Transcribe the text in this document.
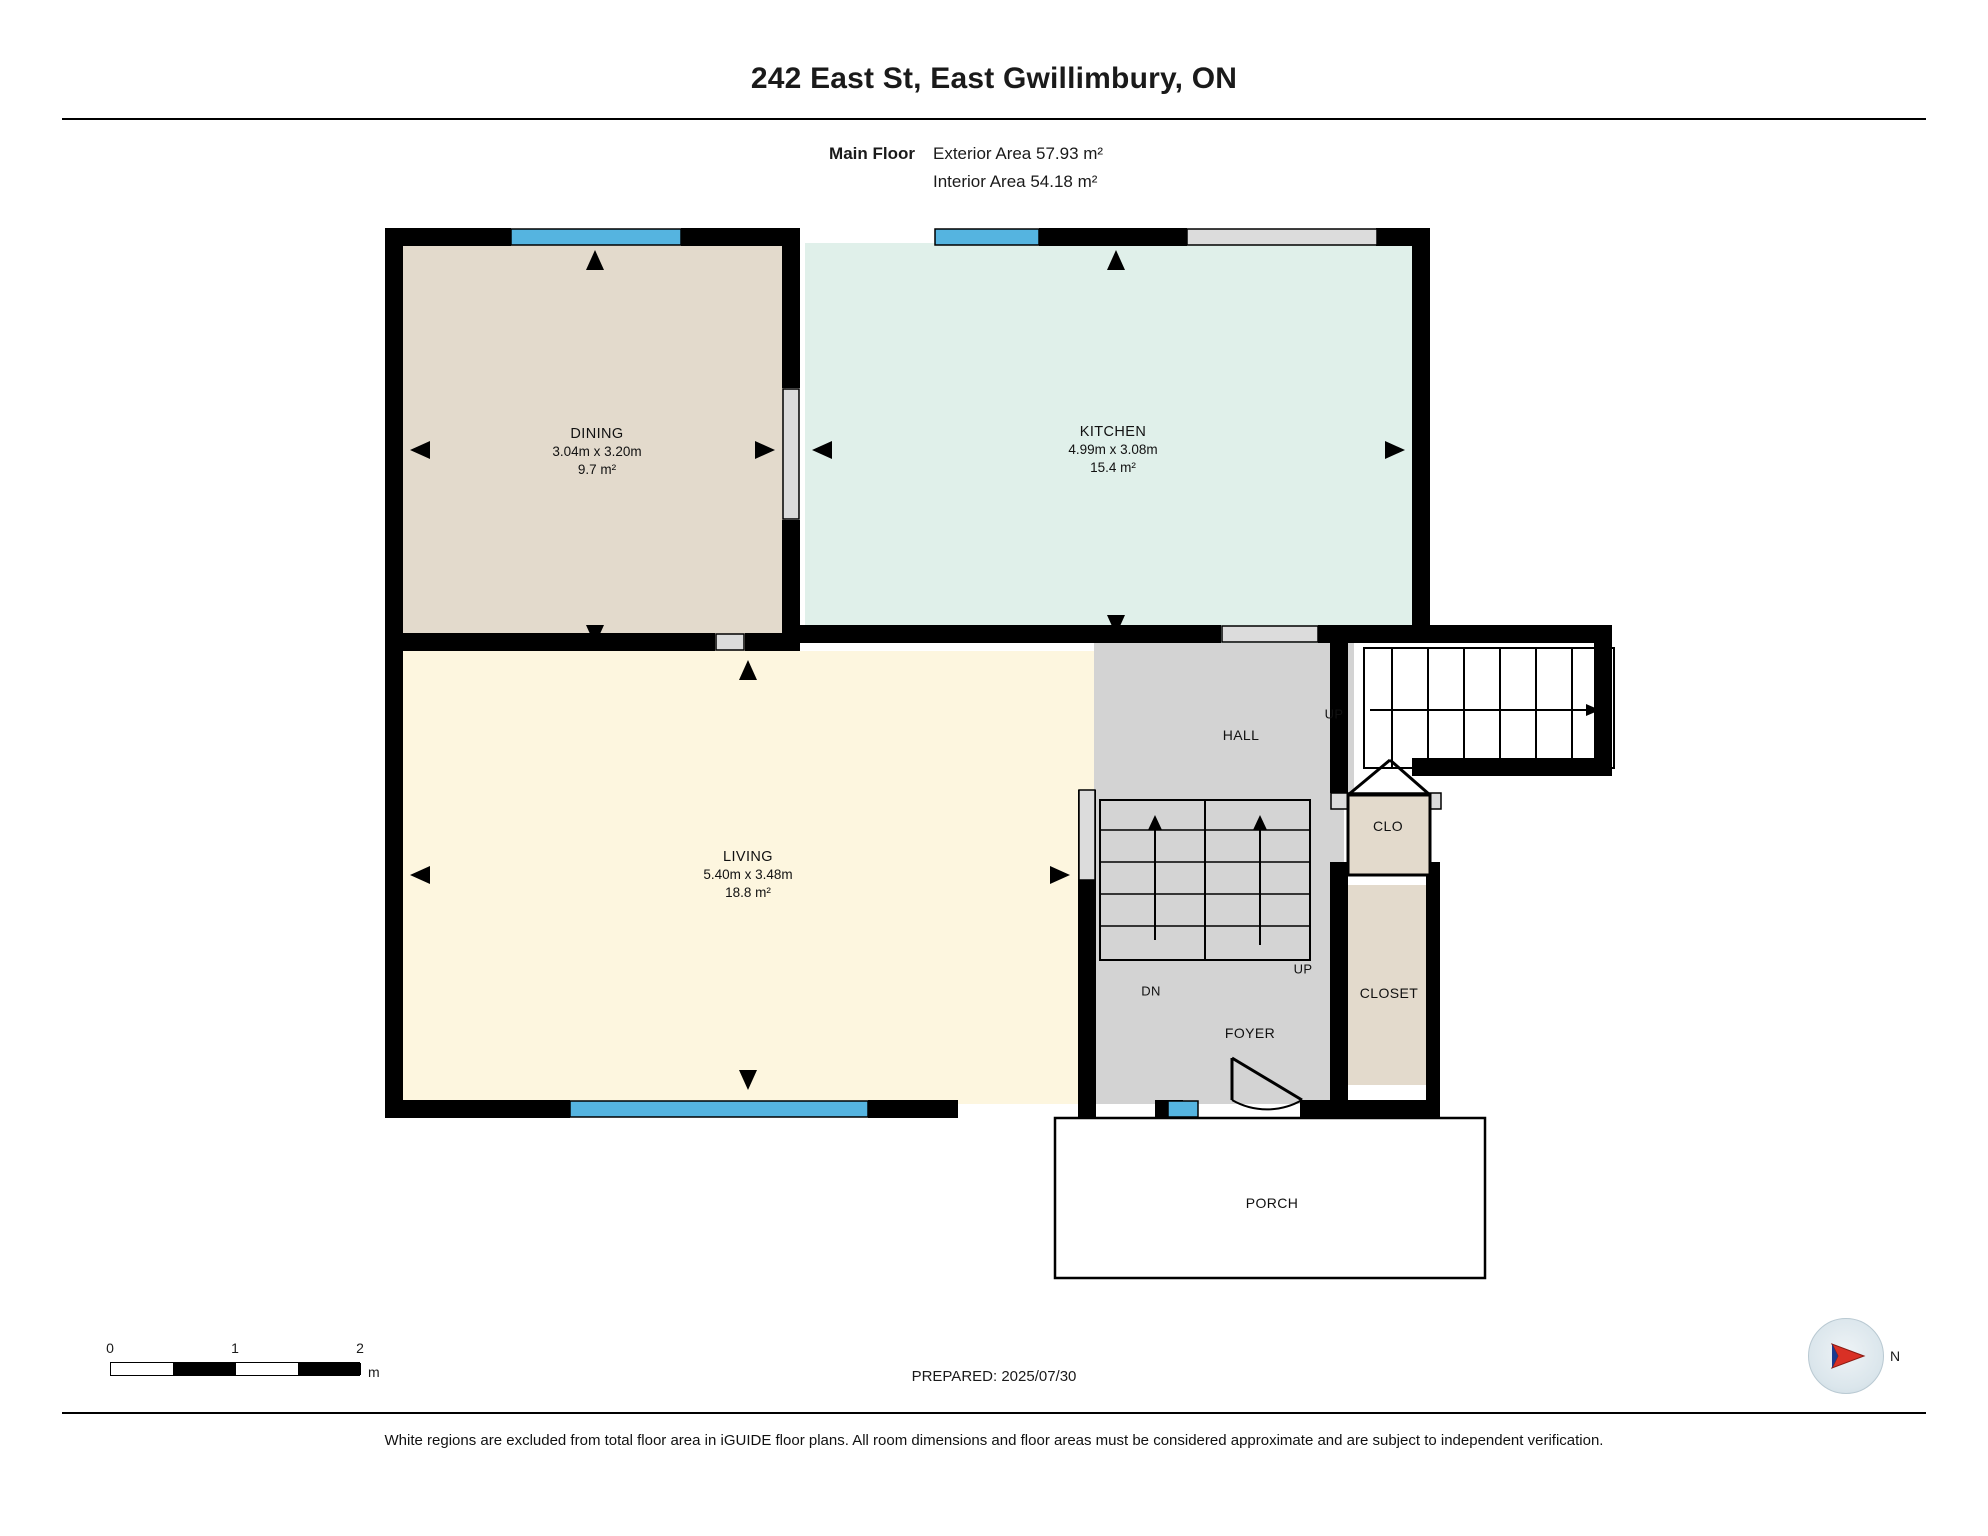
242 East St, East Gwillimbury, ON
Main Floor Exterior Area 57.93 m²
Interior Area 54.18 m²
DINING
3.04m x 3.20m
9.7 m²
KITCHEN
4.99m x 3.08m
15.4 m²
LIVING
5.40m x 3.48m
18.8 m²
HALL
CLO
CLOSET
FOYER
PORCH
UP
UP
DN
0	1	2
m	PREPARED: 2025/07/30
N
White regions are excluded from total floor area in iGUIDE floor plans. All room dimensions and floor areas must be considered approximate and are subject to independent verification.
